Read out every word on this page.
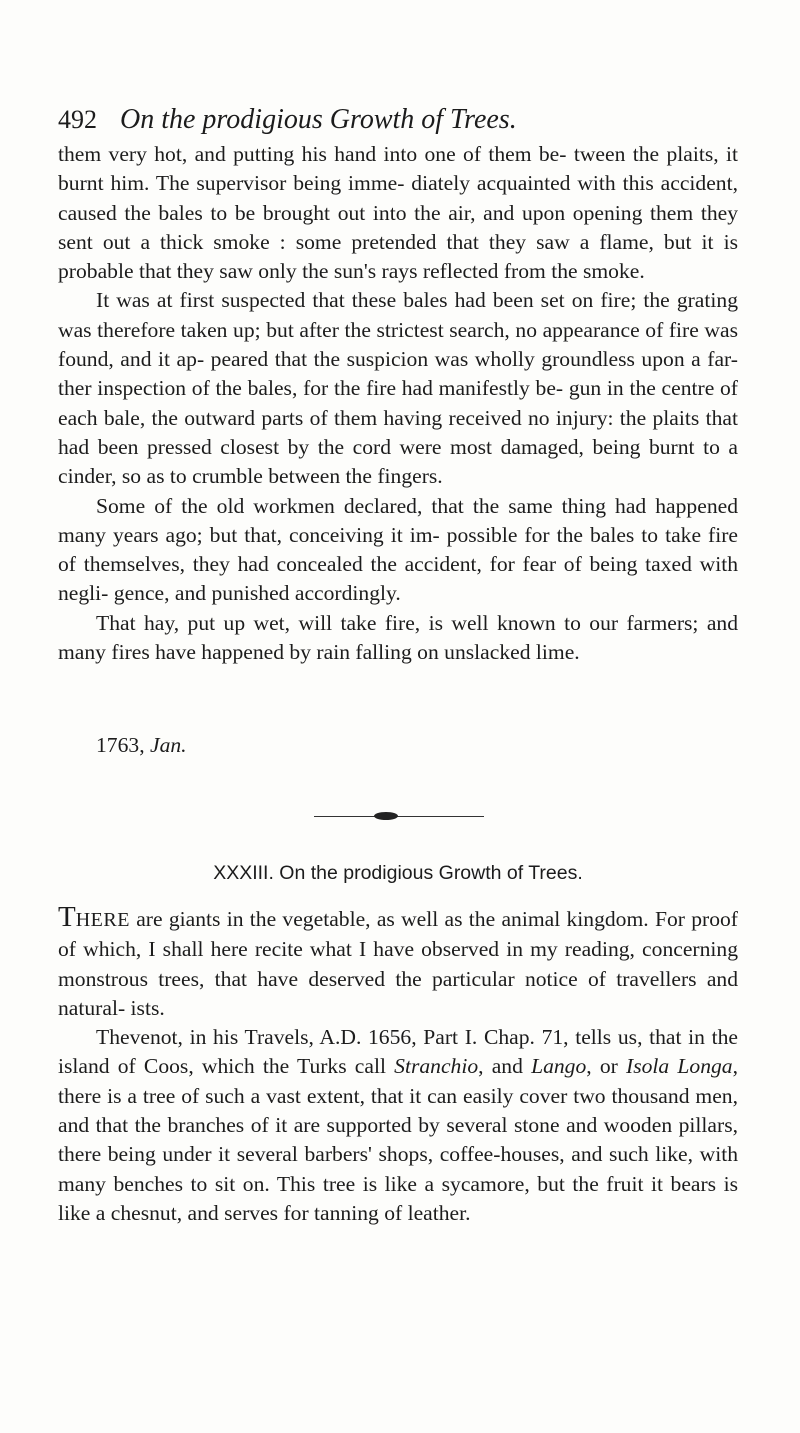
492 On the prodigious Growth of Trees.

them very hot, and putting his hand into one of them be- tween the plaits, it burnt him. The supervisor being imme- diately acquainted with this accident, caused the bales to be brought out into the air, and upon opening them they sent out a thick smoke : some pretended that they saw a flame, but it is probable that they saw only the sun's rays reflected from the smoke.

It was at first suspected that these bales had been set on fire; the grating was therefore taken up; but after the strictest search, no appearance of fire was found, and it ap- peared that the suspicion was wholly groundless upon a far- ther inspection of the bales, for the fire had manifestly be- gun in the centre of each bale, the outward parts of them having received no injury: the plaits that had been pressed closest by the cord were most damaged, being burnt to a cinder, so as to crumble between the fingers.

Some of the old workmen declared, that the same thing had happened many years ago; but that, conceiving it im- possible for the bales to take fire of themselves, they had concealed the accident, for fear of being taxed with negli- gence, and punished accordingly.

That hay, put up wet, will take fire, is well known to our farmers; and many fires have happened by rain falling on unslacked lime.

1763, Jan.
XXXIII. On the prodigious Growth of Trees.

THERE are giants in the vegetable, as well as the animal kingdom. For proof of which, I shall here recite what I have observed in my reading, concerning monstrous trees, that have deserved the particular notice of travellers and natural- ists.

Thevenot, in his Travels, A.D. 1656, Part I. Chap. 71, tells us, that in the island of Coos, which the Turks call Stranchio, and Lango, or Isola Longa, there is a tree of such a vast extent, that it can easily cover two thousand men, and that the branches of it are supported by several stone and wooden pillars, there being under it several barbers' shops, coffee-houses, and such like, with many benches to sit on. This tree is like a sycamore, but the fruit it bears is like a chesnut, and serves for tanning of leather.
